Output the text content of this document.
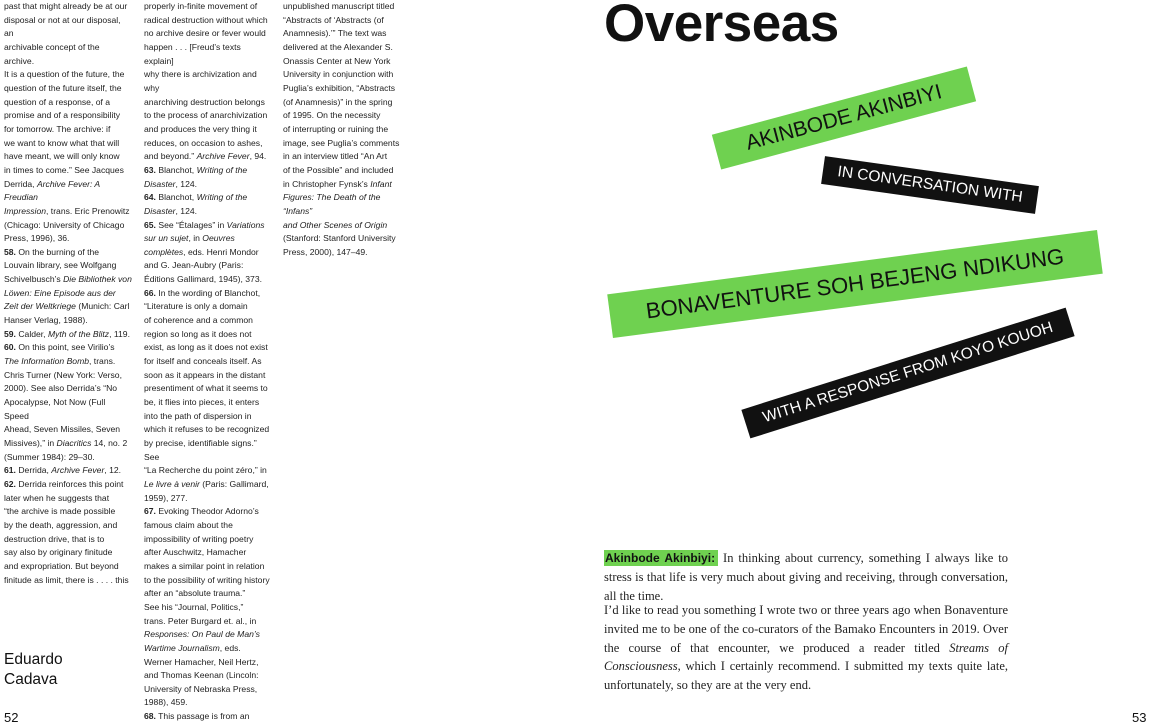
past that might already be at our

disposal or not at our disposal, an

archivable concept of the archive.

It is a question of the future, the

question of the future itself, the

question of a response, of a

promise and of a responsibility

for tomorrow. The archive: if

we want to know what that will

have meant, we will only know

in times to come.” See Jacques

Derrida, Archive Fever: A Freudian

Impression, trans. Eric Prenowitz

(Chicago: University of Chicago

Press, 1996), 36.

58. On the burning of the

Louvain library, see Wolfgang

Schivelbusch’s Die Bibliothek von

Löwen: Eine Episode aus der

Zeit der Weltkriege (Munich: Carl

Hanser Verlag, 1988).

59. Calder, Myth of the Blitz, 119.

60. On this point, see Virilio’s

The Information Bomb, trans.

Chris Turner (New York: Verso,

2000). See also Derrida’s “No

Apocalypse, Not Now (Full Speed

Ahead, Seven Missiles, Seven

Missives),” in Diacritics 14, no. 2

(Summer 1984): 29–30.

61. Derrida, Archive Fever, 12.

62. Derrida reinforces this point

later when he suggests that

“the archive is made possible

by the death, aggression, and

destruction drive, that is to

say also by originary finitude

and expropriation. But beyond

finitude as limit, there is . . . . this

properly in-finite movement of

radical destruction without which

no archive desire or fever would

happen . . . [Freud’s texts explain]

why there is archivization and why

anarchiving destruction belongs

to the process of anarchivization

and produces the very thing it

reduces, on occasion to ashes,

and beyond.” Archive Fever, 94.

63. Blanchot, Writing of the

Disaster, 124.

64. Blanchot, Writing of the

Disaster, 124.

65. See “Étalages” in Variations

sur un sujet, in Oeuvres

complètes, eds. Henri Mondor

and G. Jean-Aubry (Paris:

Éditions Gallimard, 1945), 373.

66. In the wording of Blanchot,

“Literature is only a domain

of coherence and a common

region so long as it does not

exist, as long as it does not exist

for itself and conceals itself. As

soon as it appears in the distant

presentiment of what it seems to

be, it flies into pieces, it enters

into the path of dispersion in

which it refuses to be recognized

by precise, identifiable signs.” See

“La Recherche du point zéro,” in

Le livre à venir (Paris: Gallimard,

1959), 277.

67. Evoking Theodor Adorno’s

famous claim about the

impossibility of writing poetry

after Auschwitz, Hamacher

makes a similar point in relation

to the possibility of writing history

after an “absolute trauma.”

See his “Journal, Politics,”

trans. Peter Burgard et. al., in

Responses: On Paul de Man’s

Wartime Journalism, eds.

Werner Hamacher, Neil Hertz,

and Thomas Keenan (Lincoln:

University of Nebraska Press,

1988), 459.

68. This passage is from an

unpublished manuscript titled

“Abstracts of ‘Abstracts (of

Anamnesis).’” The text was

delivered at the Alexander S.

Onassis Center at New York

University in conjunction with

Puglia’s exhibition, “Abstracts

(of Anamnesis)” in the spring

of 1995. On the necessity

of interrupting or ruining the

image, see Puglia’s comments

in an interview titled “An Art

of the Possible” and included

in Christopher Fynsk’s Infant

Figures: The Death of the “Infans”

and Other Scenes of Origin

(Stanford: Stanford University

Press, 2000), 147–49.

Eduardo
Cadava
52
Overseas
AKINBODE AKINBIYI
IN CONVERSATION WITH
BONAVENTURE SOH BEJENG NDIKUNG
WITH A RESPONSE FROM KOYO KOUOH

Akinbode Akinbiyi: In thinking about currency, something I always like to stress is that life is very much about giving and receiving, through conversation, all the time.

I’d like to read you something I wrote two or three years ago when Bonaventure invited me to be one of the co-curators of the Bamako Encounters in 2019. Over the course of that encounter, we produced a reader titled Streams of Consciousness, which I certainly recommend. I submitted my texts quite late, unfortunately, so they are at the very end.

53
